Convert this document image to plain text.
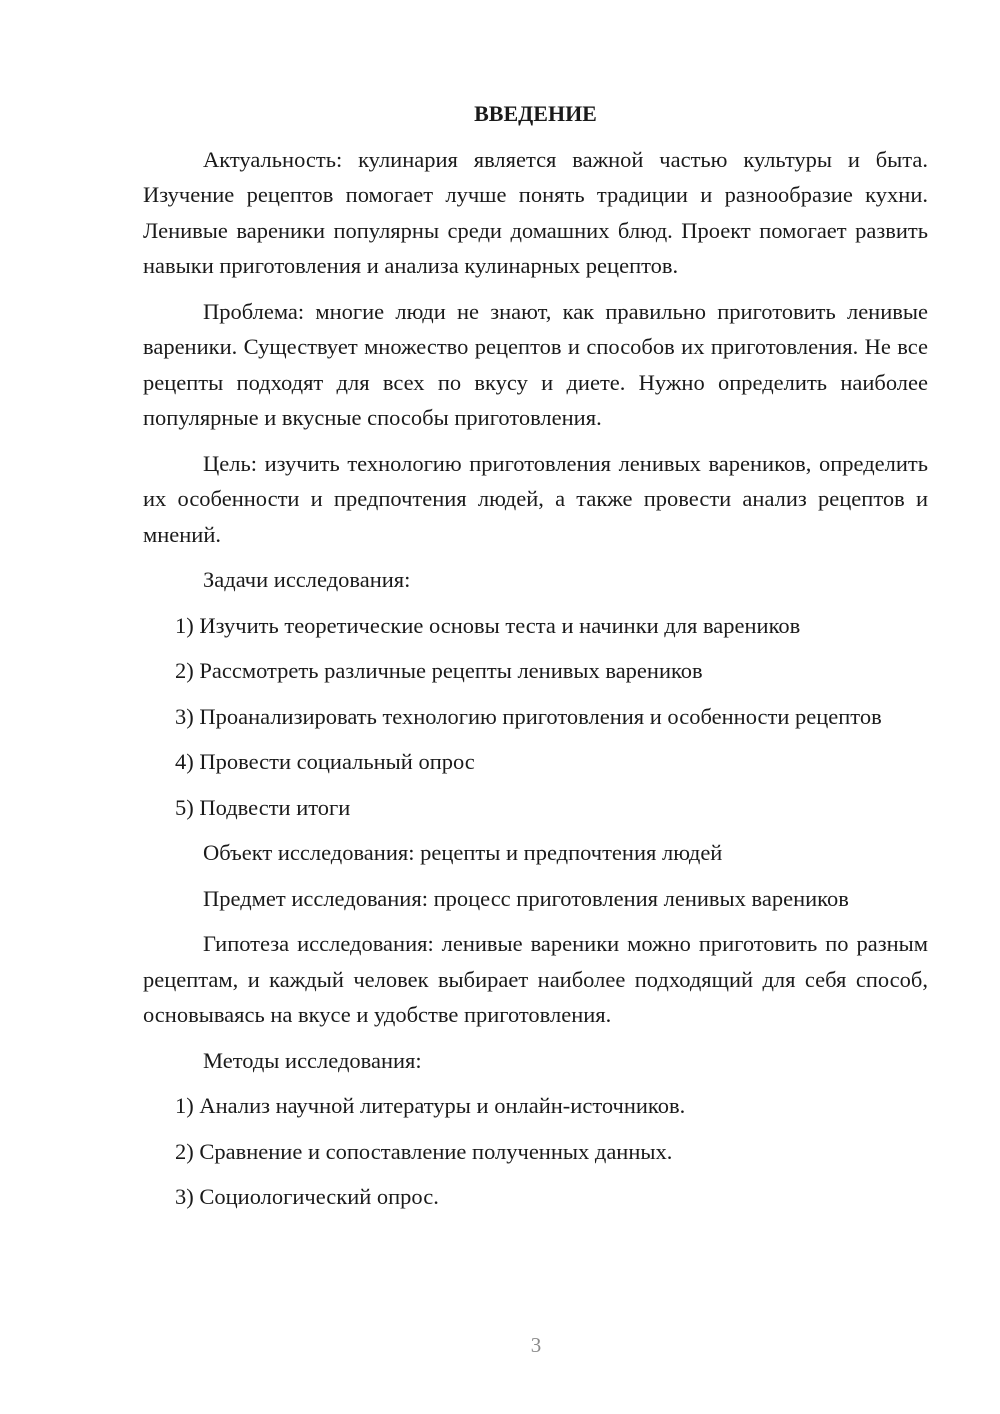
ВВЕДЕНИЕ

Актуальность: кулинария является важной частью культуры и быта. Изучение рецептов помогает лучше понять традиции и разнообразие кухни. Ленивые вареники популярны среди домашних блюд. Проект помогает развить навыки приготовления и анализа кулинарных рецептов.

Проблема: многие люди не знают, как правильно приготовить ленивые вареники. Существует множество рецептов и способов их приготовления. Не все рецепты подходят для всех по вкусу и диете. Нужно определить наиболее популярные и вкусные способы приготовления.

Цель: изучить технологию приготовления ленивых вареников, определить их особенности и предпочтения людей, а также провести анализ рецептов и мнений.

Задачи исследования:

1) Изучить теоретические основы теста и начинки для вареников

2) Рассмотреть различные рецепты ленивых вареников

3) Проанализировать технологию приготовления и особенности рецептов

4) Провести социальный опрос

5) Подвести итоги

Объект исследования: рецепты и предпочтения людей

Предмет исследования: процесс приготовления ленивых вареников

Гипотеза исследования: ленивые вареники можно приготовить по разным рецептам, и каждый человек выбирает наиболее подходящий для себя способ, основываясь на вкусе и удобстве приготовления.

Методы исследования:

1) Анализ научной литературы и онлайн-источников.

2) Сравнение и сопоставление полученных данных.

3) Социологический опрос.

3
